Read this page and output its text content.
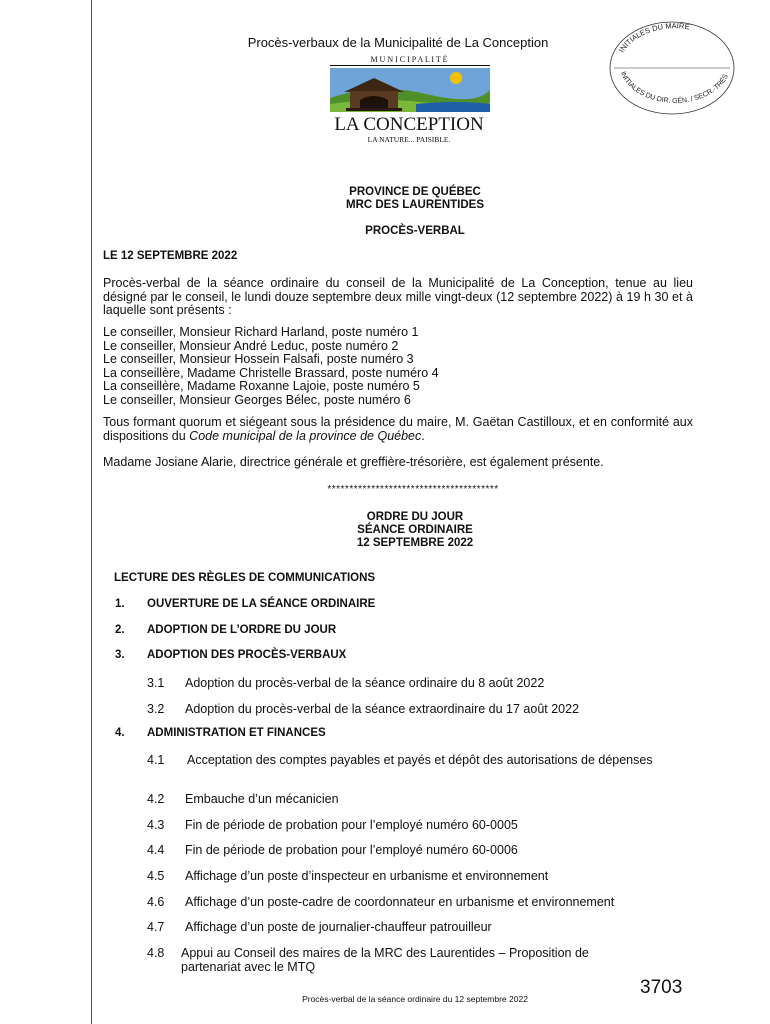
Procès-verbaux de la Municipalité de La Conception
INITIALES DU MAIRE
INITIALES DU DIR. GÉN. / SECR.-TRÉS
M U N I C I P A L I T É
LA CONCEPTION
LA NATURE... PAISIBLE.
PROVINCE DE QUÉBEC
MRC DES LAURENTIDES
PROCÈS-VERBAL
LE 12 SEPTEMBRE 2022
Procès-verbal de la séance ordinaire du conseil de la Municipalité de La Conception, tenue au lieu désigné par le conseil, le lundi douze septembre deux mille vingt-deux (12 septembre 2022) à 19 h 30 et à laquelle sont présents :
Le conseiller, Monsieur Richard Harland, poste numéro 1
Le conseiller, Monsieur André Leduc, poste numéro 2
Le conseiller, Monsieur Hossein Falsafi, poste numéro 3
La conseillère, Madame Christelle Brassard, poste numéro 4
La conseillère, Madame Roxanne Lajoie, poste numéro 5
Le conseiller, Monsieur Georges Bélec, poste numéro 6
Tous formant quorum et siégeant sous la présidence du maire, M. Gaëtan Castilloux, et en conformité aux dispositions du Code municipal de la province de Québec.
Madame Josiane Alarie, directrice générale et greffière-trésorière, est également présente.
***************************************
ORDRE DU JOUR
SÉANCE ORDINAIRE
12 SEPTEMBRE 2022
LECTURE DES RÈGLES DE COMMUNICATIONS
1. OUVERTURE DE LA SÉANCE ORDINAIRE
2. ADOPTION DE L’ORDRE DU JOUR
3. ADOPTION DES PROCÈS-VERBAUX
3.1 Adoption du procès-verbal de la séance ordinaire du 8 août 2022
3.2 Adoption du procès-verbal de la séance extraordinaire du 17 août 2022
4. ADMINISTRATION ET FINANCES
4.1 Acceptation des comptes payables et payés et dépôt des autorisations de dépenses
4.2 Embauche d’un mécanicien
4.3 Fin de période de probation pour l’employé numéro 60-0005
4.4 Fin de période de probation pour l’employé numéro 60-0006
4.5 Affichage d’un poste d’inspecteur en urbanisme et environnement
4.6 Affichage d’un poste-cadre de coordonnateur en urbanisme et environnement
4.7 Affichage d’un poste de journalier-chauffeur patrouilleur
4.8 Appui au Conseil des maires de la MRC des Laurentides – Proposition de partenariat avec le MTQ
3703
Procès-verbal de la séance ordinaire du 12 septembre 2022
